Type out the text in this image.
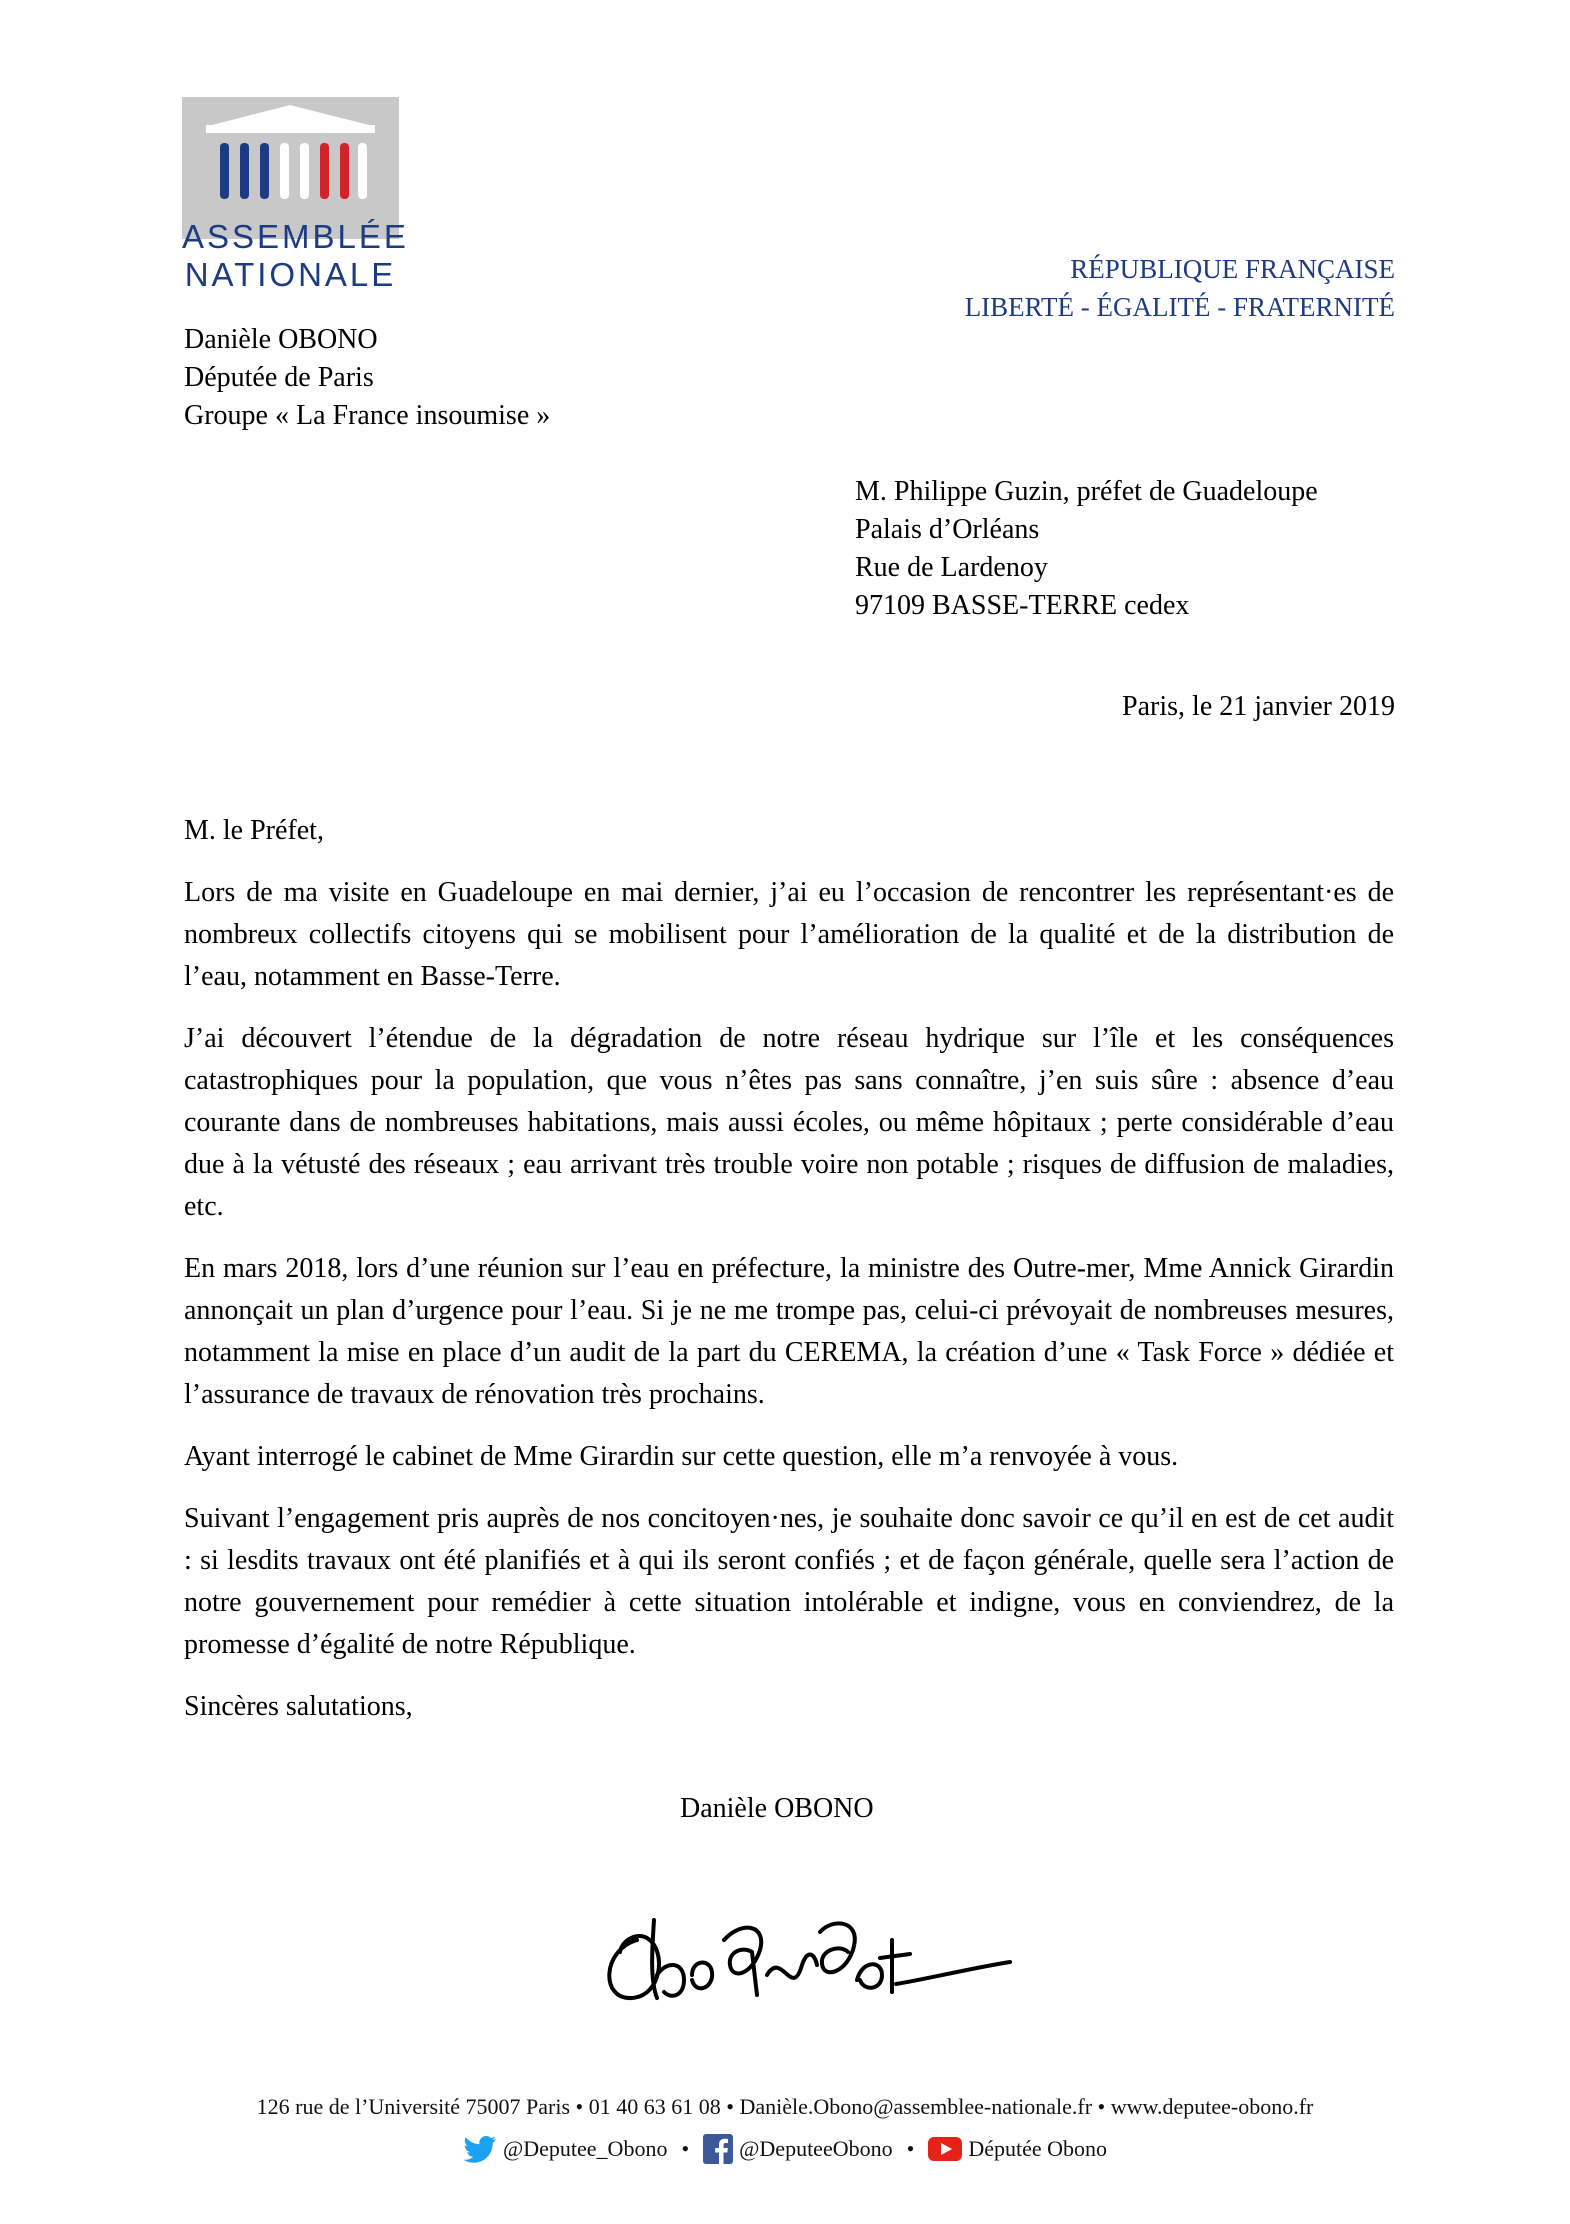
ASSEMBLÉE
NATIONALE	RÉPUBLIQUE FRANÇAISE
LIBERTÉ - ÉGALITÉ - FRATERNITÉ
Danièle OBONO
Députée de Paris
Groupe « La France insoumise »
M. Philippe Guzin, préfet de Guadeloupe
Palais d’Orléans
Rue de Lardenoy
97109 BASSE-TERRE cedex
Paris, le 21 janvier 2019
M. le Préfet,

Lors de ma visite en Guadeloupe en mai dernier, j’ai eu l’occasion de rencontrer les représentant·es de nombreux collectifs citoyens qui se mobilisent pour l’amélioration de la qualité et de la distribution de l’eau, notamment en Basse-Terre.

J’ai découvert l’étendue de la dégradation de notre réseau hydrique sur l’île et les conséquences catastrophiques pour la population, que vous n’êtes pas sans connaître, j’en suis sûre : absence d’eau courante dans de nombreuses habitations, mais aussi écoles, ou même hôpitaux ; perte considérable d’eau due à la vétusté des réseaux ; eau arrivant très trouble voire non potable ; risques de diffusion de maladies, etc.

En mars 2018, lors d’une réunion sur l’eau en préfecture, la ministre des Outre-mer, Mme Annick Girardin annonçait un plan d’urgence pour l’eau. Si je ne me trompe pas, celui-ci prévoyait de nombreuses mesures, notamment la mise en place d’un audit de la part du CEREMA, la création d’une « Task Force » dédiée et l’assurance de travaux de rénovation très prochains.

Ayant interrogé le cabinet de Mme Girardin sur cette question, elle m’a renvoyée à vous.

Suivant l’engagement pris auprès de nos concitoyen·nes, je souhaite donc savoir ce qu’il en est de cet audit : si lesdits travaux ont été planifiés et à qui ils seront confiés ; et de façon générale, quelle sera l’action de notre gouvernement pour remédier à cette situation intolérable et indigne, vous en conviendrez, de la promesse d’égalité de notre République.

Sincères salutations,

Danièle OBONO
126 rue de l’Université 75007 Paris • 01 40 63 61 08 • Danièle.Obono@assemblee-nationale.fr • www.deputee-obono.fr
@Deputee_Obono • @DeputeeObono • Députée Obono
